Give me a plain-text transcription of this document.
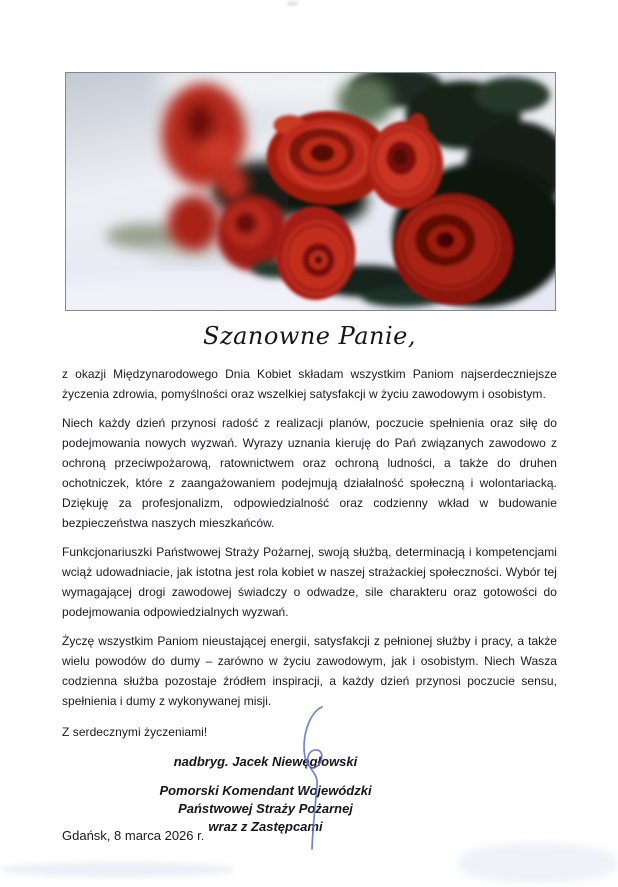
Szanowne Panie,

z okazji Międzynarodowego Dnia Kobiet składam wszystkim Paniom najserdeczniejsze życzenia zdrowia, pomyślności oraz wszelkiej satysfakcji w życiu zawodowym i osobistym.

Niech każdy dzień przynosi radość z realizacji planów, poczucie spełnienia oraz siłę do podejmowania nowych wyzwań. Wyrazy uznania kieruję do Pań związanych zawodowo z ochroną przeciwpożarową, ratownictwem oraz ochroną ludności, a także do druhen ochotniczek, które z zaangażowaniem podejmują działalność społeczną i wolontariacką. Dziękuję za profesjonalizm, odpowiedzialność oraz codzienny wkład w budowanie bezpieczeństwa naszych mieszkańców.

Funkcjonariuszki Państwowej Straży Pożarnej, swoją służbą, determinacją i kompetencjami wciąż udowadniacie, jak istotna jest rola kobiet w naszej strażackiej społeczności. Wybór tej wymagającej drogi zawodowej świadczy o odwadze, sile charakteru oraz gotowości do podejmowania odpowiedzialnych wyzwań.

Życzę wszystkim Paniom nieustającej energii, satysfakcji z pełnionej służby i pracy, a także wielu powodów do dumy – zarówno w życiu zawodowym, jak i osobistym. Niech Wasza codzienna służba pozostaje źródłem inspiracji, a każdy dzień przynosi poczucie sensu, spełnienia i dumy z wykonywanej misji.

Z serdecznymi życzeniami!

nadbryg. Jacek Niewęgłowski
Pomorski Komendant Wojewódzki
Państwowej Straży Pożarnej
wraz z Zastępcami
Gdańsk, 8 marca 2026 r.
